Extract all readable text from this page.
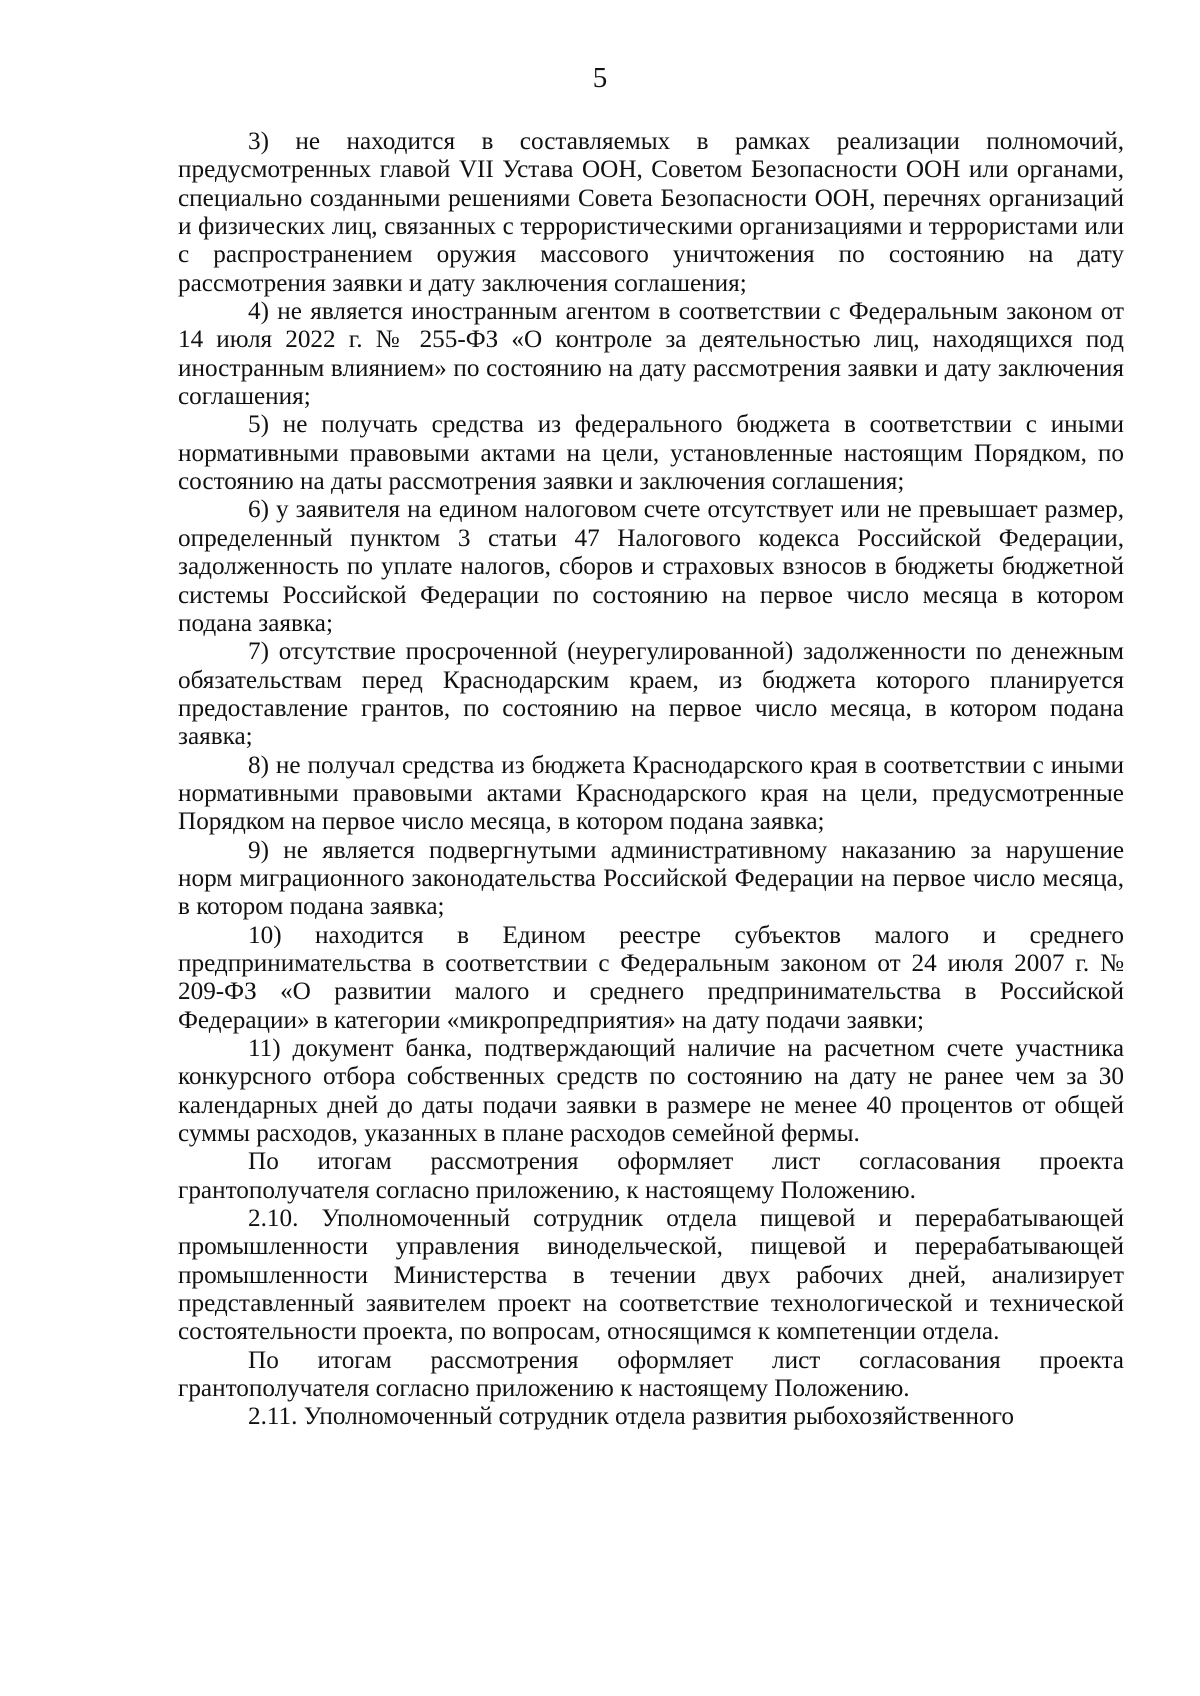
5

3) не находится в составляемых в рамках реализации полномочий, предусмотренных главой VII Устава ООН, Советом Безопасности ООН или органами, специально созданными решениями Совета Безопасности ООН, перечнях организаций и физических лиц, связанных с террористическими организациями и террористами или с распространением оружия массового уничтожения по состоянию на дату рассмотрения заявки и дату заключения соглашения;

4) не является иностранным агентом в соответствии с Федеральным законом от 14 июля 2022 г. № 255-ФЗ «О контроле за деятельностью лиц, находящихся под иностранным влиянием» по состоянию на дату рассмотрения заявки и дату заключения соглашения;

5) не получать средства из федерального бюджета в соответствии с иными нормативными правовыми актами на цели, установленные настоящим Порядком, по состоянию на даты рассмотрения заявки и заключения соглашения;

6) у заявителя на едином налоговом счете отсутствует или не превышает размер, определенный пунктом 3 статьи 47 Налогового кодекса Российской Федерации, задолженность по уплате налогов, сборов и страховых взносов в бюджеты бюджетной системы Российской Федерации по состоянию на первое число месяца в котором подана заявка;

7) отсутствие просроченной (неурегулированной) задолженности по денежным обязательствам перед Краснодарским краем, из бюджета которого планируется предоставление грантов, по состоянию на первое число месяца, в котором подана заявка;

8) не получал средства из бюджета Краснодарского края в соответствии с иными нормативными правовыми актами Краснодарского края на цели, предусмотренные Порядком на первое число месяца, в котором подана заявка;

9) не является подвергнутыми административному наказанию за нарушение норм миграционного законодательства Российской Федерации на первое число месяца, в котором подана заявка;

10) находится в Едином реестре субъектов малого и среднего предпринимательства в соответствии с Федеральным законом от 24 июля 2007 г. № 209-ФЗ «О развитии малого и среднего предпринимательства в Российской Федерации» в категории «микропредприятия» на дату подачи заявки;

11) документ банка, подтверждающий наличие на расчетном счете участника конкурсного отбора собственных средств по состоянию на дату не ранее чем за 30 календарных дней до даты подачи заявки в размере не менее 40 процентов от общей суммы расходов, указанных в плане расходов семейной фермы.

По итогам рассмотрения оформляет лист согласования проекта грантополучателя согласно приложению, к настоящему Положению.

2.10. Уполномоченный сотрудник отдела пищевой и перерабатывающей промышленности управления винодельческой, пищевой и перерабатывающей промышленности Министерства в течении двух рабочих дней, анализирует представленный заявителем проект на соответствие технологической и технической состоятельности проекта, по вопросам, относящимся к компетенции отдела.

По итогам рассмотрения оформляет лист согласования проекта грантополучателя согласно приложению к настоящему Положению.

2.11. Уполномоченный сотрудник отдела развития рыбохозяйственного
